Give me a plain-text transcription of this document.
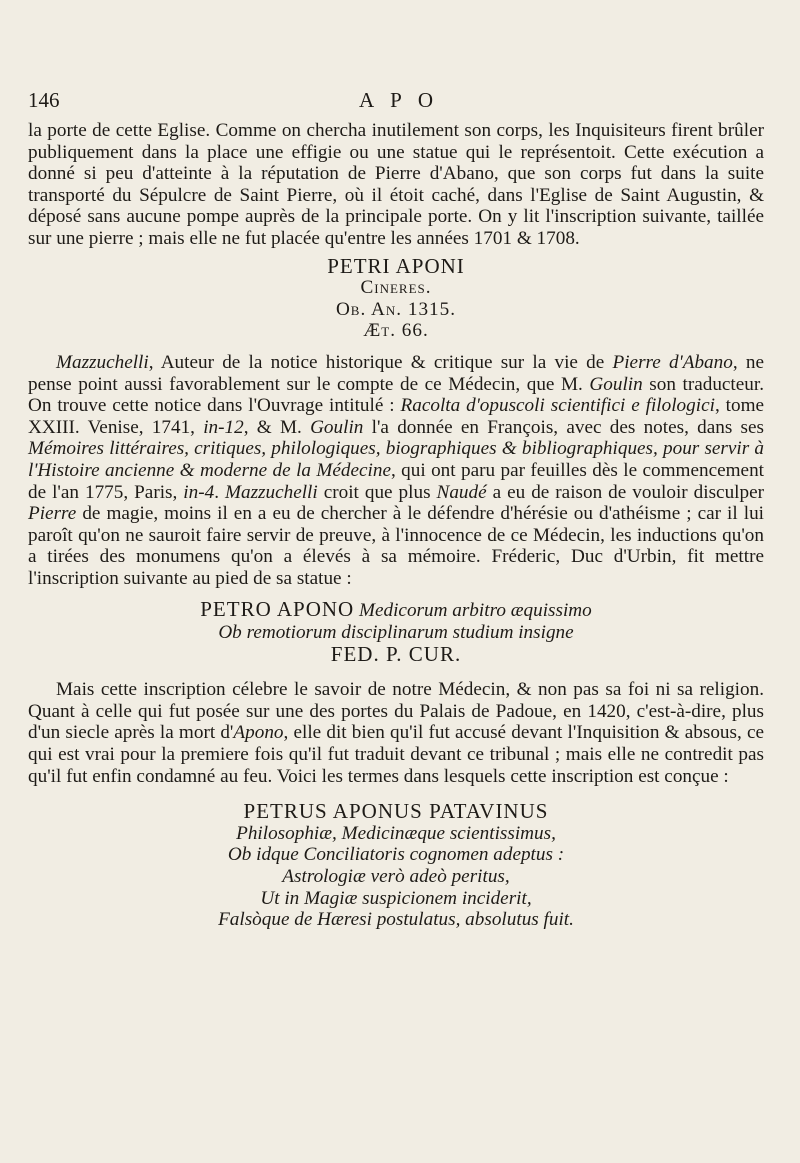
146	APO

la porte de cette Eglise. Comme on chercha inutilement son corps, les Inquisiteurs firent brûler publiquement dans la place une effigie ou une statue qui le représentoit. Cette exécution a donné si peu d'atteinte à la réputation de Pierre d'Abano, que son corps fut dans la suite transporté du Sépulcre de Saint Pierre, où il étoit caché, dans l'Eglise de Saint Augustin, & déposé sans aucune pompe auprès de la principale porte. On y lit l'inscription suivante, taillée sur une pierre ; mais elle ne fut placée qu'entre les années 1701 & 1708.

PETRI APONI

Cineres.

Ob. An. 1315.

Æt. 66.

Mazzuchelli, Auteur de la notice historique & critique sur la vie de Pierre d'Abano, ne pense point aussi favorablement sur le compte de ce Médecin, que M. Goulin son traducteur. On trouve cette notice dans l'Ouvrage intitulé : Racolta d'opuscoli scientifici e filologici, tome XXIII. Venise, 1741, in-12, & M. Goulin l'a donnée en François, avec des notes, dans ses Mémoires littéraires, critiques, philologiques, biographiques & bibliographiques, pour servir à l'Histoire ancienne & moderne de la Médecine, qui ont paru par feuilles dès le commencement de l'an 1775, Paris, in-4. Mazzuchelli croit que plus Naudé a eu de raison de vouloir disculper Pierre de magie, moins il en a eu de chercher à le défendre d'hérésie ou d'athéisme ; car il lui paroît qu'on ne sauroit faire servir de preuve, à l'innocence de ce Médecin, les inductions qu'on a tirées des monumens qu'on a élevés à sa mémoire. Fréderic, Duc d'Urbin, fit mettre l'inscription suivante au pied de sa statue :

PETRO APONO Medicorum arbitro æquissimo

Ob remotiorum disciplinarum studium insigne

FED. P. CUR.

Mais cette inscription célebre le savoir de notre Médecin, & non pas sa foi ni sa religion. Quant à celle qui fut posée sur une des portes du Palais de Padoue, en 1420, c'est-à-dire, plus d'un siecle après la mort d'Apono, elle dit bien qu'il fut accusé devant l'Inquisition & absous, ce qui est vrai pour la premiere fois qu'il fut traduit devant ce tribunal ; mais elle ne contredit pas qu'il fut enfin condamné au feu. Voici les termes dans lesquels cette inscription est conçue :

PETRUS APONUS PATAVINUS

Philosophiæ, Medicinæque scientissimus,

Ob idque Conciliatoris cognomen adeptus :

Astrologiæ verò adeò peritus,

Ut in Magiæ suspicionem inciderit,

Falsòque de Hæresi postulatus, absolutus fuit.
